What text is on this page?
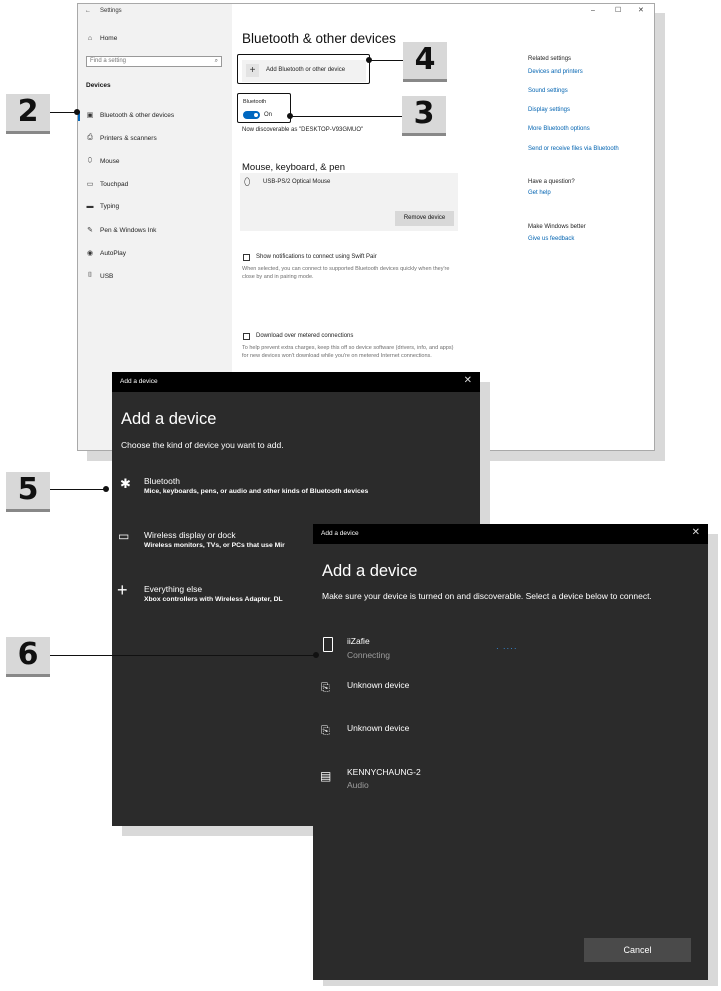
← Settings
⌂ Home
Find a setting	⌕
Devices
▣ Bluetooth & other devices
⎙ Printers & scanners
⬯ Mouse
▭ Touchpad
▬ Typing
✎ Pen & Windows Ink
◉ AutoPlay
⌷ USB
–	☐ ✕
Bluetooth & other devices
+	Add Bluetooth or other device
Bluetooth
On
Now discoverable as "DESKTOP-V93GMUO"
Mouse, keyboard, & pen
⬯ USB-PS/2 Optical Mouse
Remove device
Show notifications to connect using Swift Pair
When selected, you can connect to supported Bluetooth devices quickly when they're close by and in pairing mode.
Download over metered connections
To help prevent extra charges, keep this off so device software (drivers, info, and apps) for new devices won't download while you're on metered Internet connections.
Related settings
Devices and printers
Sound settings
Display settings
More Bluetooth options
Send or receive files via Bluetooth
Have a question?
Get help
Make Windows better
Give us feedback
Add a device	✕
Add a device
Choose the kind of device you want to add.
✱ Bluetooth
Mice, keyboards, pens, or audio and other kinds of Bluetooth devices
▭ Wireless display or dock
Wireless monitors, TVs, or PCs that use Mir
+ Everything else
Xbox controllers with Wireless Adapter, DL
Add a device	✕
Add a device
Make sure your device is turned on and discoverable. Select a device below to connect.
iiZafie
Connecting
· ····
⎘ Unknown device
⎘ Unknown device
▤ KENNYCHAUNG-2
Audio
Cancel
4
3
2
5
6
